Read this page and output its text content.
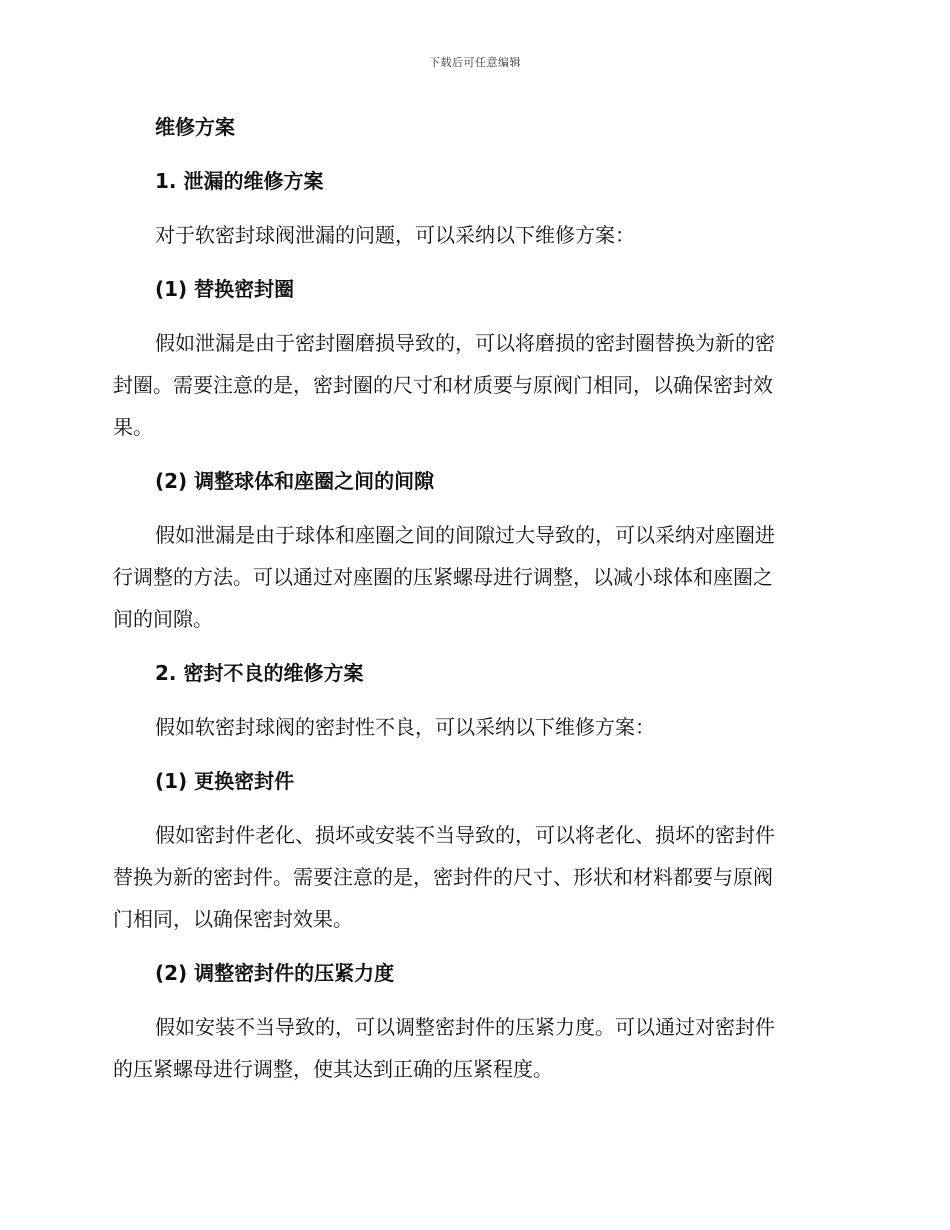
下载后可任意编辑
维修方案
1. 泄漏的维修方案
对于软密封球阀泄漏的问题，可以采纳以下维修方案：
(1) 替换密封圈
假如泄漏是由于密封圈磨损导致的，可以将磨损的密封圈替换为新的密
封圈。需要注意的是，密封圈的尺寸和材质要与原阀门相同，以确保密封效
果。
(2) 调整球体和座圈之间的间隙
假如泄漏是由于球体和座圈之间的间隙过大导致的，可以采纳对座圈进
行调整的方法。可以通过对座圈的压紧螺母进行调整，以减小球体和座圈之
间的间隙。
2. 密封不良的维修方案
假如软密封球阀的密封性不良，可以采纳以下维修方案：
(1) 更换密封件
假如密封件老化、损坏或安装不当导致的，可以将老化、损坏的密封件
替换为新的密封件。需要注意的是，密封件的尺寸、形状和材料都要与原阀
门相同，以确保密封效果。
(2) 调整密封件的压紧力度
假如安装不当导致的，可以调整密封件的压紧力度。可以通过对密封件
的压紧螺母进行调整，使其达到正确的压紧程度。
